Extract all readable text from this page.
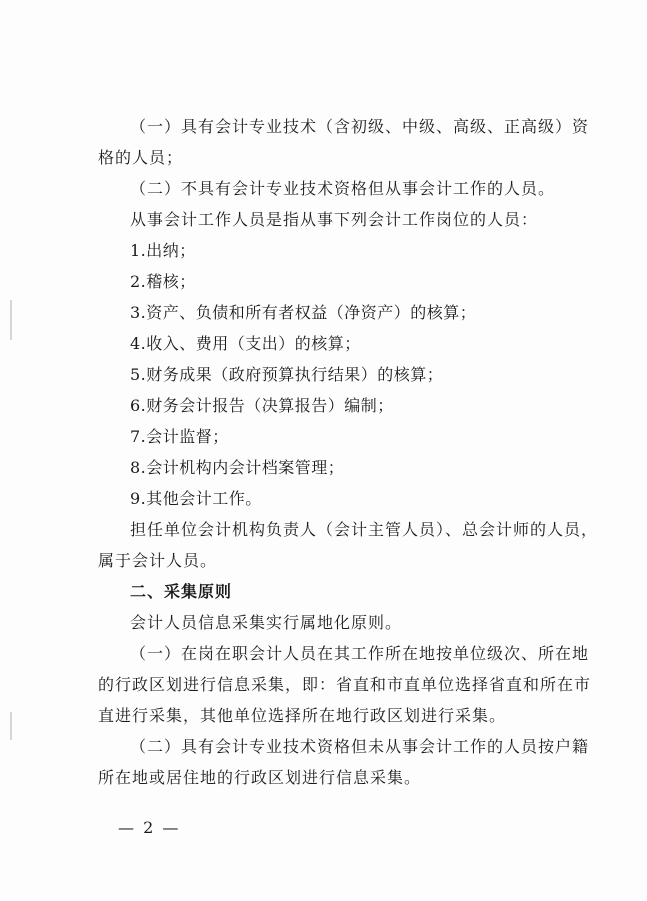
（一）具有会计专业技术（含初级、中级、高级、正高级）资
格的人员；
（二）不具有会计专业技术资格但从事会计工作的人员。
从事会计工作人员是指从事下列会计工作岗位的人员：
1.出纳；
2.稽核；
3.资产、负债和所有者权益（净资产）的核算；
4.收入、费用（支出）的核算；
5.财务成果（政府预算执行结果）的核算；
6.财务会计报告（决算报告）编制；
7.会计监督；
8.会计机构内会计档案管理；
9.其他会计工作。
担任单位会计机构负责人（会计主管人员）、总会计师的人员，
属于会计人员。
二、采集原则
会计人员信息采集实行属地化原则。
（一）在岗在职会计人员在其工作所在地按单位级次、所在地
的行政区划进行信息采集，即：省直和市直单位选择省直和所在市
直进行采集，其他单位选择所在地行政区划进行采集。
（二）具有会计专业技术资格但未从事会计工作的人员按户籍
所在地或居住地的行政区划进行信息采集。
— 2 —
